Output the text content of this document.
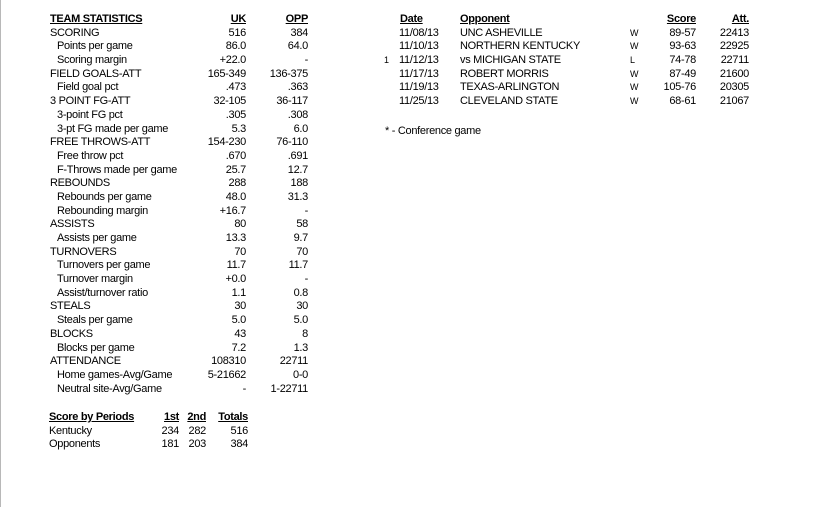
TEAM STATISTICS	UK	OPP
SCORING	516	384
Points per game	86.0	64.0
Scoring margin	+22.0	-
FIELD GOALS-ATT	165-349 136-375
Field goal pct	.473	.363
3 POINT FG-ATT	32-105	36-117
3-point FG pct	.305	.308
3-pt FG made per game	5.3	6.0
FREE THROWS-ATT	154-230	76-110
Free throw pct	.670	.691
F-Throws made per game	25.7	12.7
REBOUNDS	288	188
Rebounds per game	48.0	31.3
Rebounding margin	+16.7	-
ASSISTS	80	58
Assists per game	13.3	9.7
TURNOVERS	70	70
Turnovers per game	11.7	11.7
Turnover margin	+0.0	-
Assist/turnover ratio	1.1	0.8
STEALS	30	30
Steals per game	5.0	5.0
BLOCKS	43	8
Blocks per game	7.2	1.3
ATTENDANCE	108310	22711
Home games-Avg/Game	5-21662	0-0
Neutral site-Avg/Game	- 1-22711
Score by Periods	1st 2nd Totals
Kentucky	234 282 516
Opponents	181 203 384
Date	Opponent	Score	Att.
11/08/13 UNC ASHEVILLE	W	89-57 22413
11/10/13 NORTHERN KENTUCKY	W	93-63 22925
1 11/12/13 vs MICHIGAN STATE	L	74-78 22711
11/17/13 ROBERT MORRIS	W	87-49 21600
11/19/13 TEXAS-ARLINGTON	W 105-76 20305
11/25/13 CLEVELAND STATE	W	68-61 21067
* - Conference game
